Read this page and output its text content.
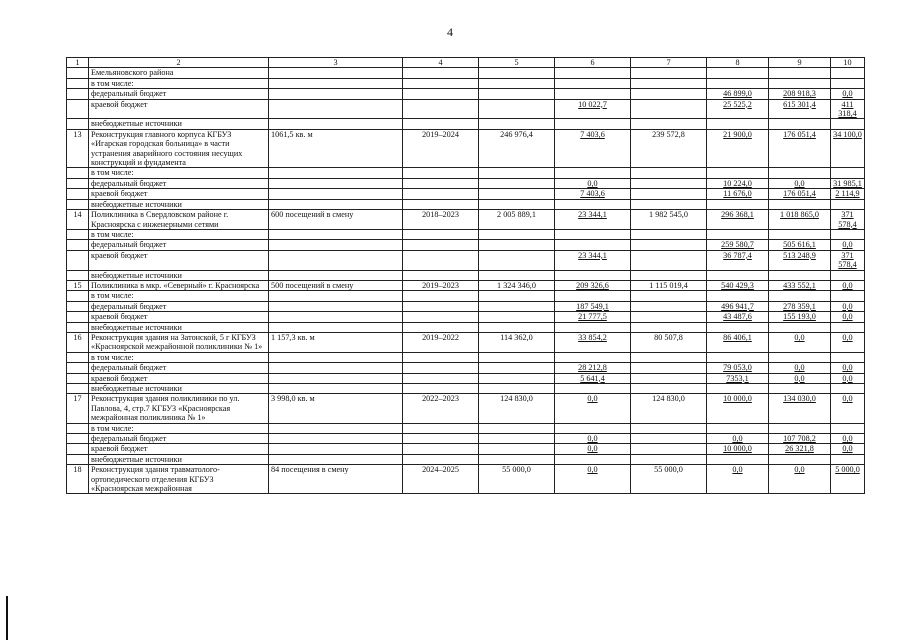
4
1	2	3	4	5	6	7	8	9	10
	Емельяновского района								
	в том числе:								
	федеральный бюджет						46 899,0	208 918,3	0,0
	краевой бюджет				10 022,7		25 525,2	615 301,4	411 318,4
	внебюджетные источники								
13	Реконструкция главного корпуса КГБУЗ «Игарская городская больница» в части устранения аварийного состояния несущих конструкций и фундамента	1061,5 кв. м	2019–2024	246 976,4	7 403,6	239 572,8	21 900,0	176 051,4	34 100,0
	в том числе:								
	федеральный бюджет				0,0		10 224,0	0,0	31 985,1
	краевой бюджет				7 403,6		11 676,0	176 051,4	2 114,9
	внебюджетные источники								
14	Поликлиника в Свердловском районе г. Красноярска с инженерными сетями	600 посещений в смену	2018–2023	2 005 889,1	23 344,1	1 982 545,0	296 368,1	1 018 865,0	371 578,4
	в том числе:								
	федеральный бюджет						259 580,7	505 616,1	0,0
	краевой бюджет				23 344,1		36 787,4	513 248,9	371 578,4
	внебюджетные источники								
15	Поликлиника в мкр. «Северный» г. Красноярска	500 посещений в смену	2019–2023	1 324 346,0	209 326,6	1 115 019,4	540 429,3	433 552,1	0,0
	в том числе:								
	федеральный бюджет				187 549,1		496 941,7	278 359,1	0,0
	краевой бюджет				21 777,5		43 487,6	155 193,0	0,0
	внебюджетные источники								
16	Реконструкция здания на Затонской, 5 г КГБУЗ «Красноярской межрайонной поликлиники № 1»	1 157,3 кв. м	2019–2022	114 362,0	33 854,2	80 507,8	86 406,1	0,0	0,0
	в том числе:								
	федеральный бюджет				28 212,8		79 053,0	0,0	0,0
	краевой бюджет				5 641,4		7353,1	0,0	0,0
	внебюджетные источники								
17	Реконструкция здания поликлиники по ул. Павлова, 4, стр.7 КГБУЗ «Красноярская межрайонная поликлиника № 1»	3 998,0 кв. м	2022–2023	124 830,0	0,0	124 830,0	10 000,0	134 030,0	0,0
	в том числе:								
	федеральный бюджет				0,0		0,0	107 708,2	0,0
	краевой бюджет				0,0		10 000,0	26 321,8	0,0
	внебюджетные источники								
18	Реконструкция здания травматолого-ортопедического отделения КГБУЗ «Красноярская межрайонная	84 посещения в смену	2024–2025	55 000,0	0,0	55 000,0	0,0	0,0	5 000,0
